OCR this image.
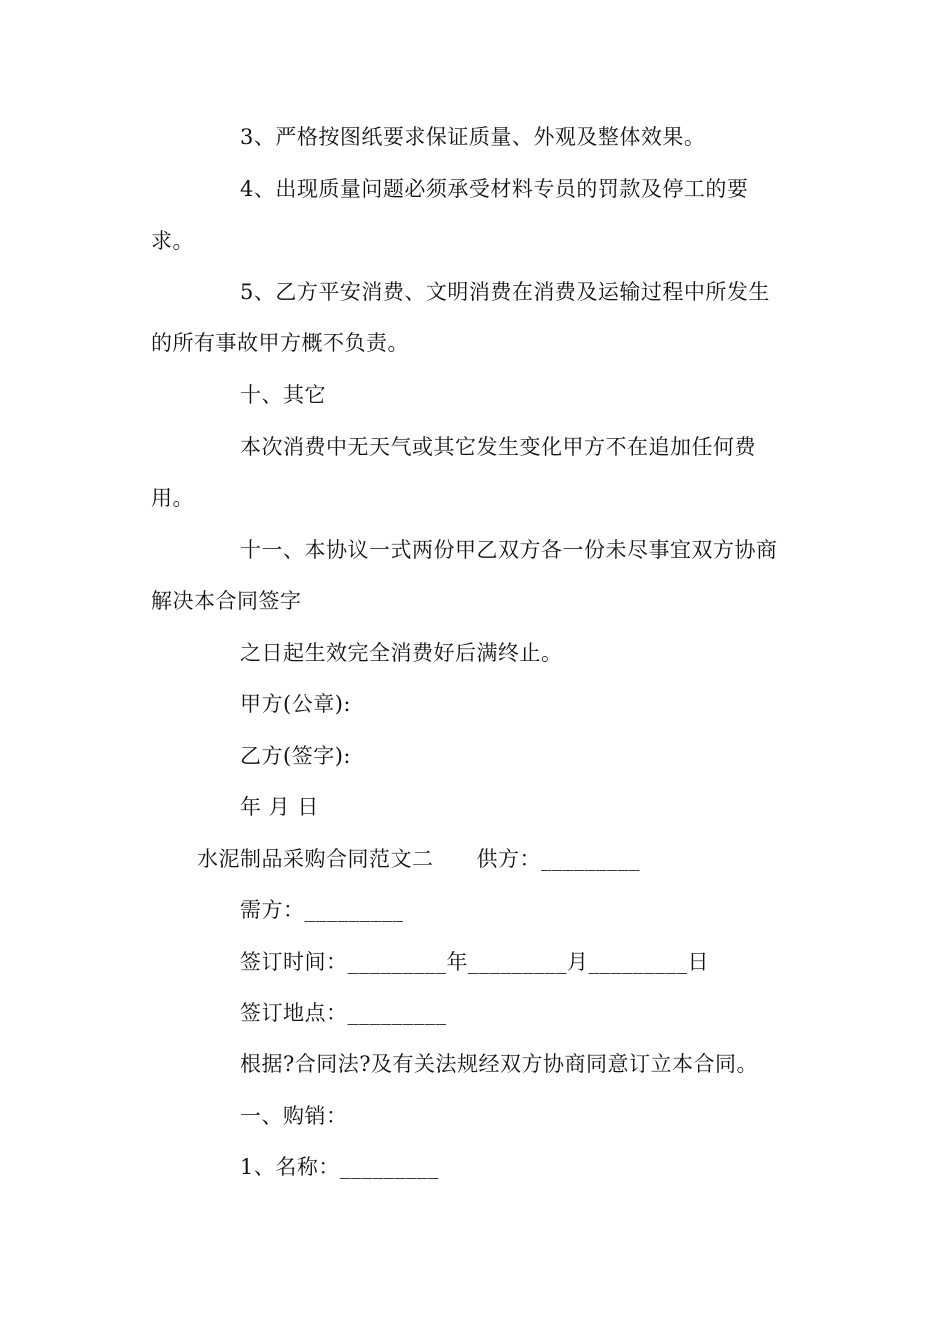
3、严格按图纸要求保证质量、外观及整体效果。
4、出现质量问题必须承受材料专员的罚款及停工的要
求。
5、乙方平安消费、文明消费在消费及运输过程中所发生
的所有事故甲方概不负责。
十、其它
本次消费中无天气或其它发生变化甲方不在追加任何费
用。
十一、本协议一式两份甲乙双方各一份未尽事宜双方协商
解决本合同签字
之日起生效完全消费好后满终止。
甲方(公章):
乙方(签字):
年 月 日
水泥制品采购合同范文二　　供方：_________
需方：_________
签订时间：_________年_________月_________日
签订地点：_________
根据?合同法?及有关法规经双方协商同意订立本合同。
一、购销：
1、名称：_________
